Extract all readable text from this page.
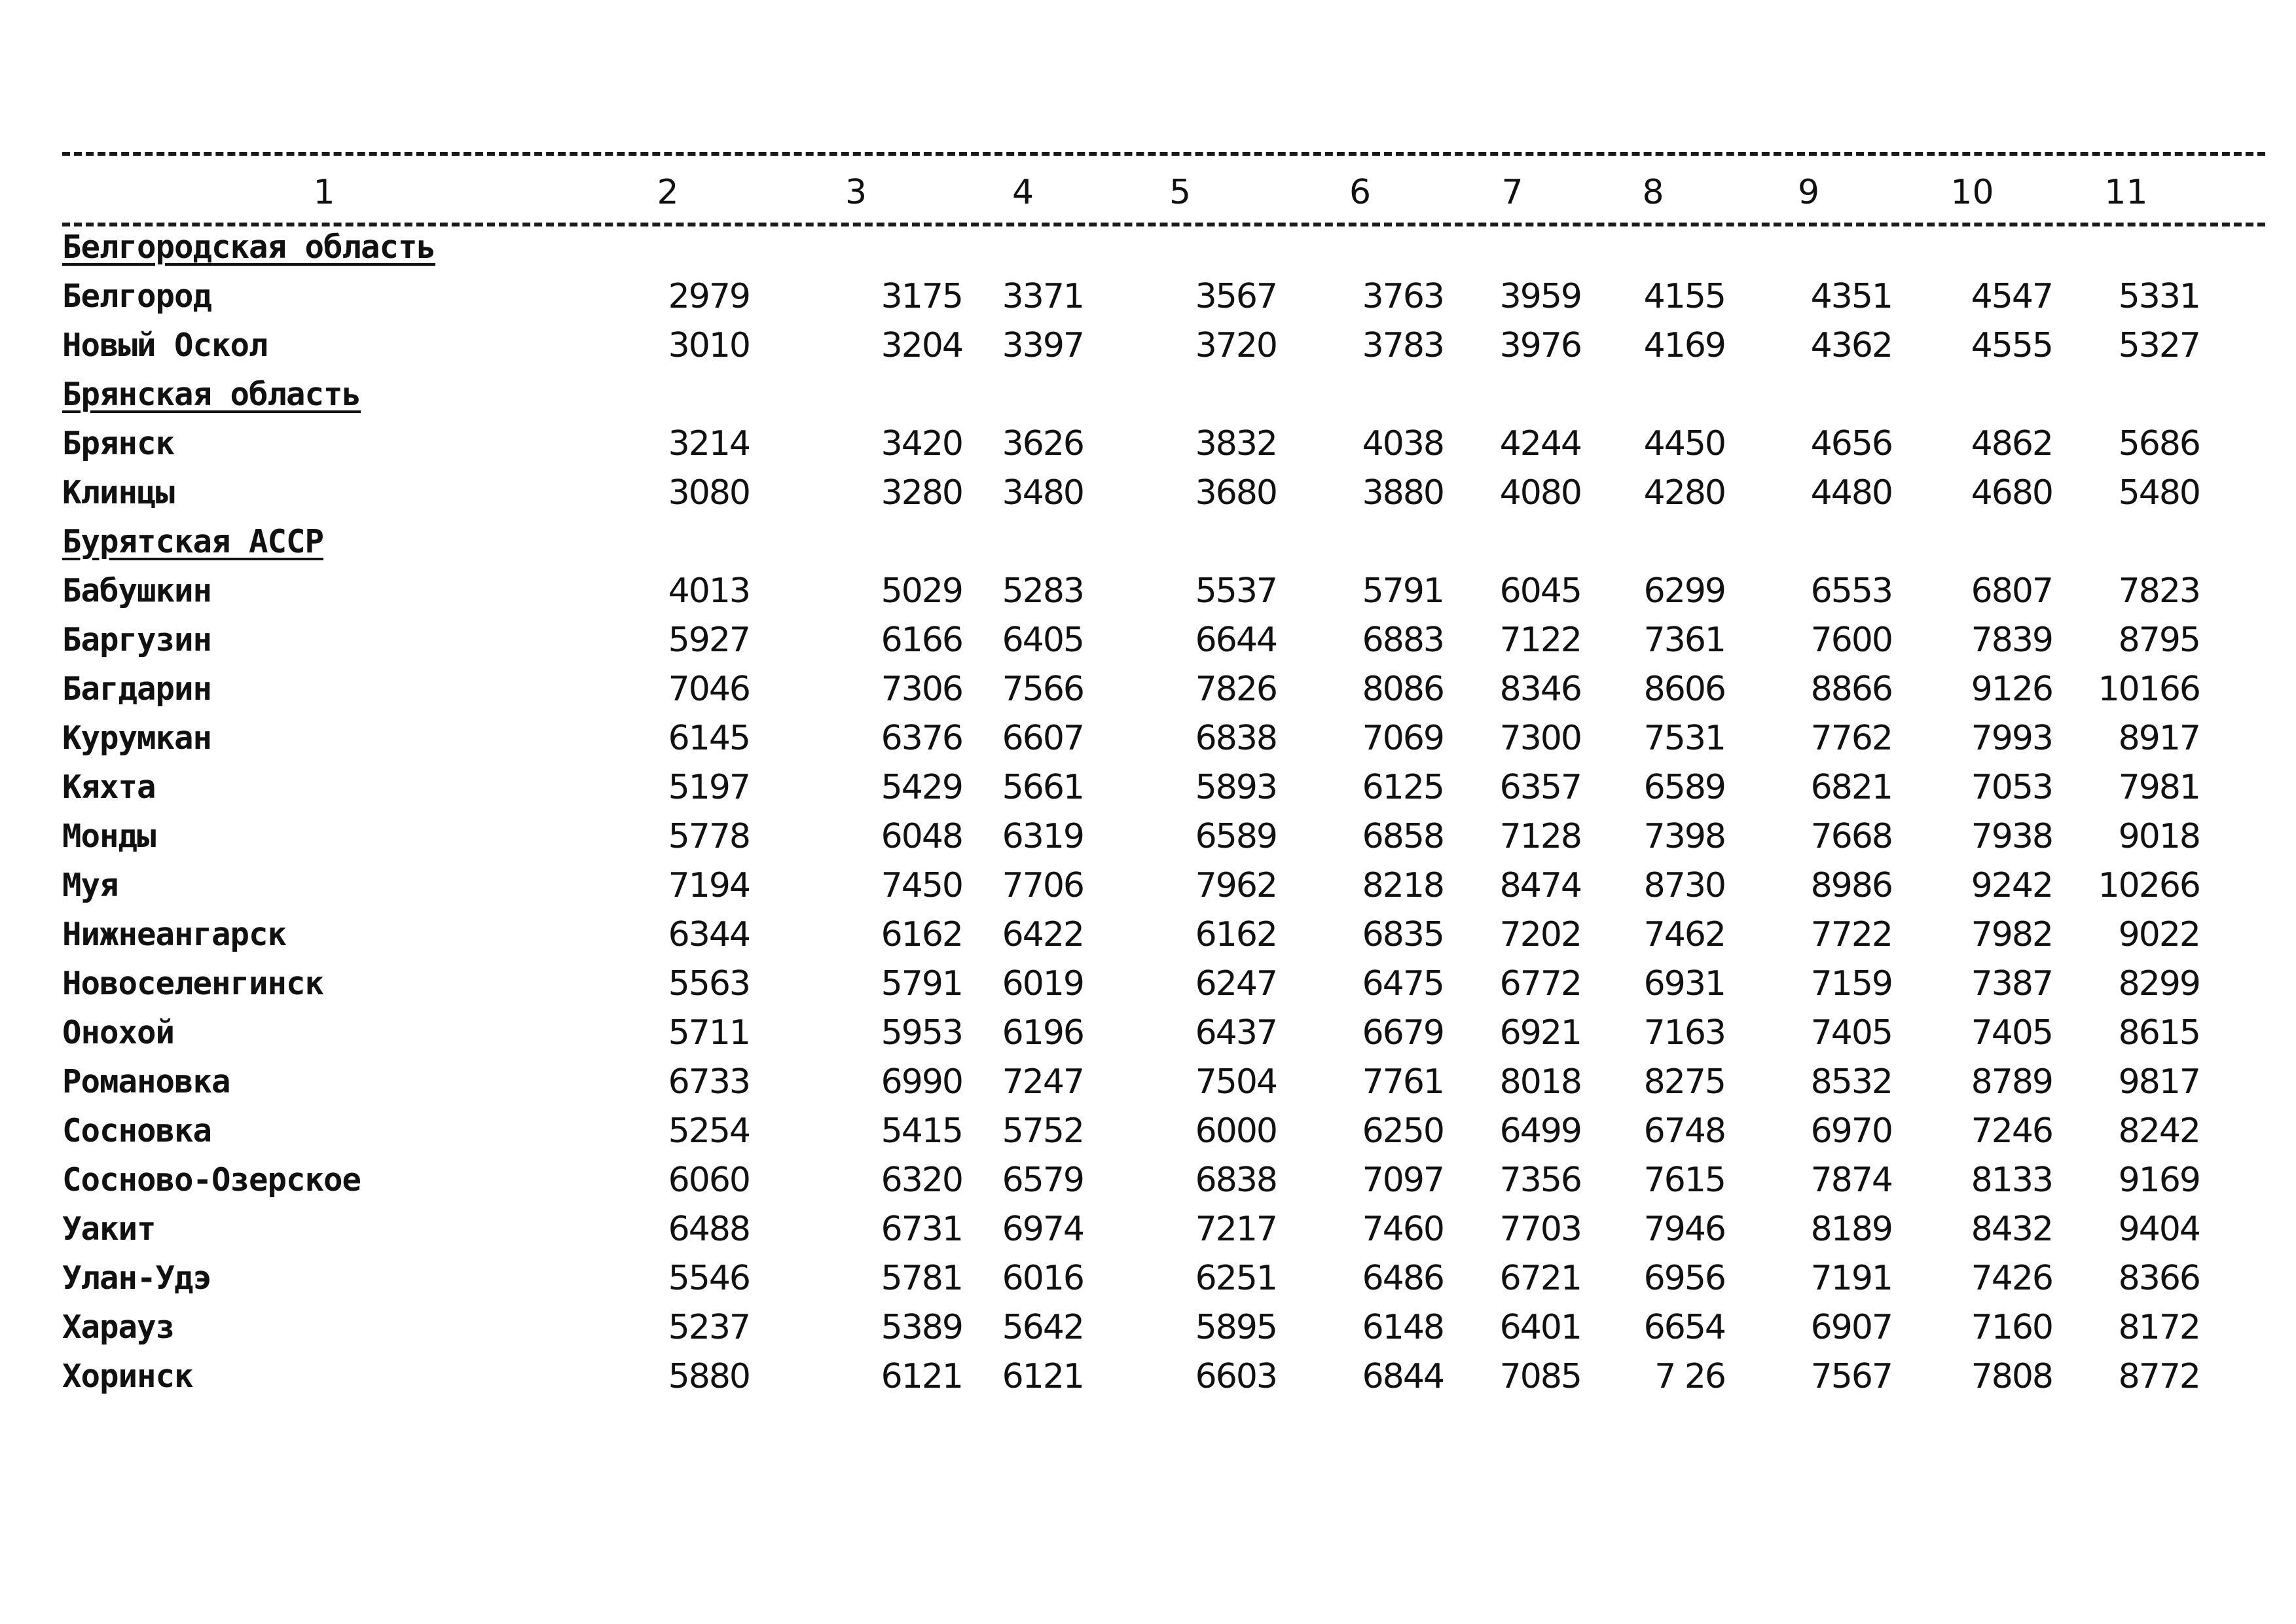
1	2	3	4	5	6	7	8	9	10	11
Белгородская область										
Белгород	2979	3175	3371	3567	3763	3959	4155	4351	4547	5331
Новый Оскол	3010	3204	3397	3720	3783	3976	4169	4362	4555	5327
Брянская область										
Брянск	3214	3420	3626	3832	4038	4244	4450	4656	4862	5686
Клинцы	3080	3280	3480	3680	3880	4080	4280	4480	4680	5480
Бурятская АССР										
Бабушкин	4013	5029	5283	5537	5791	6045	6299	6553	6807	7823
Баргузин	5927	6166	6405	6644	6883	7122	7361	7600	7839	8795
Багдарин	7046	7306	7566	7826	8086	8346	8606	8866	9126	10166
Курумкан	6145	6376	6607	6838	7069	7300	7531	7762	7993	8917
Кяхта	5197	5429	5661	5893	6125	6357	6589	6821	7053	7981
Монды	5778	6048	6319	6589	6858	7128	7398	7668	7938	9018
Муя	7194	7450	7706	7962	8218	8474	8730	8986	9242	10266
Нижнеангарск	6344	6162	6422	6162	6835	7202	7462	7722	7982	9022
Новоселенгинск	5563	5791	6019	6247	6475	6772	6931	7159	7387	8299
Онохой	5711	5953	6196	6437	6679	6921	7163	7405	7405	8615
Романовка	6733	6990	7247	7504	7761	8018	8275	8532	8789	9817
Сосновка	5254	5415	5752	6000	6250	6499	6748	6970	7246	8242
Сосново-Озерское	6060	6320	6579	6838	7097	7356	7615	7874	8133	9169
Уакит	6488	6731	6974	7217	7460	7703	7946	8189	8432	9404
Улан-Удэ	5546	5781	6016	6251	6486	6721	6956	7191	7426	8366
Харауз	5237	5389	5642	5895	6148	6401	6654	6907	7160	8172
Хоринск	5880	6121	6121	6603	6844	7085	7 26	7567	7808	8772
